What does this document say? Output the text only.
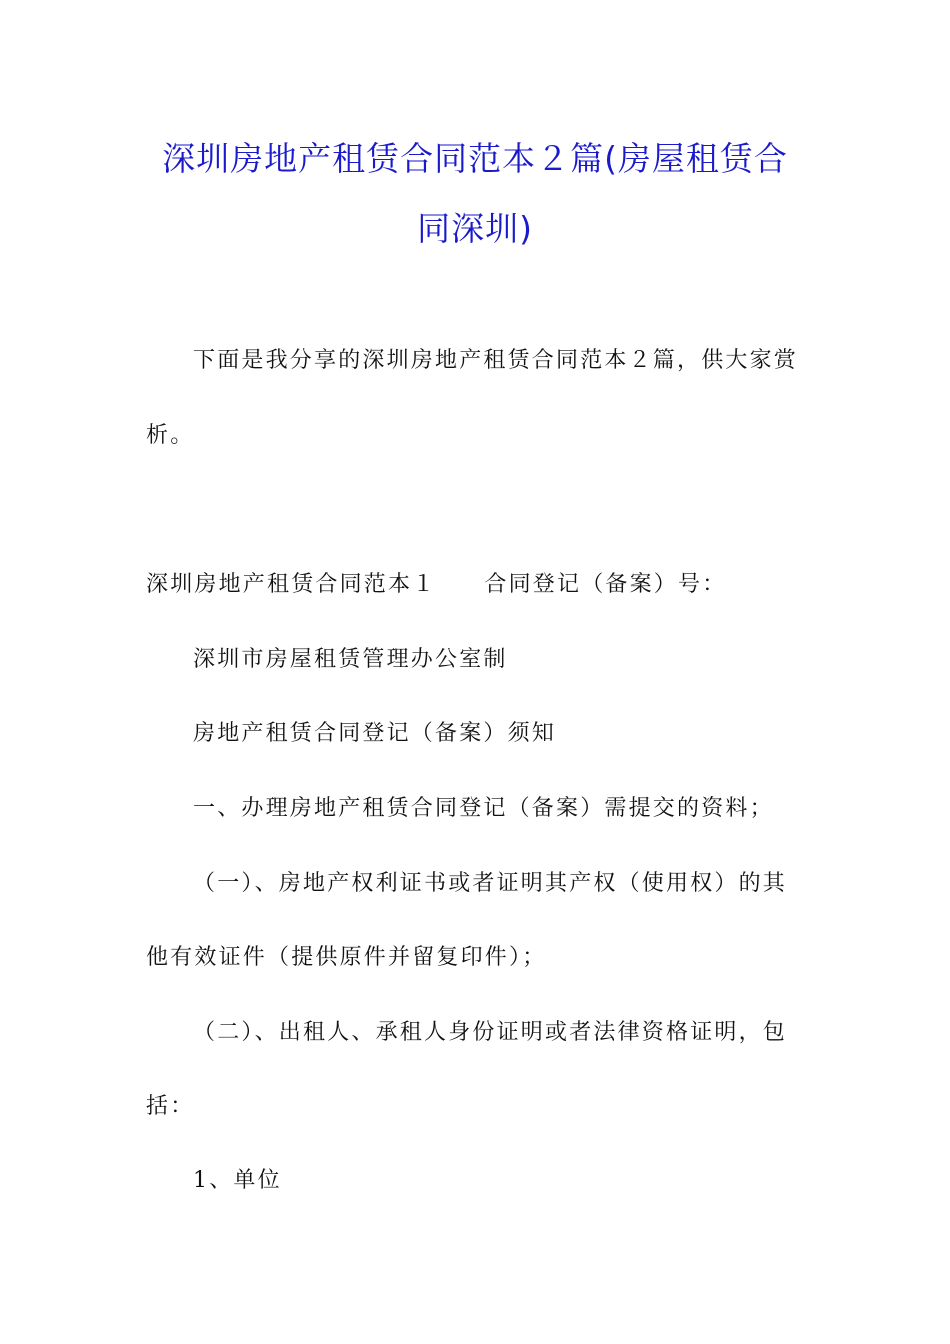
深圳房地产租赁合同范本２篇(房屋租赁合
同深圳)
下面是我分享的深圳房地产租赁合同范本２篇，供大家赏
析。
深圳房地产租赁合同范本１ 合同登记（备案）号：
深圳市房屋租赁管理办公室制
房地产租赁合同登记（备案）须知
一、办理房地产租赁合同登记（备案）需提交的资料；
（一）、房地产权利证书或者证明其产权（使用权）的其
他有效证件（提供原件并留复印件）；
（二）、出租人、承租人身份证明或者法律资格证明，包
括：
1、单位
